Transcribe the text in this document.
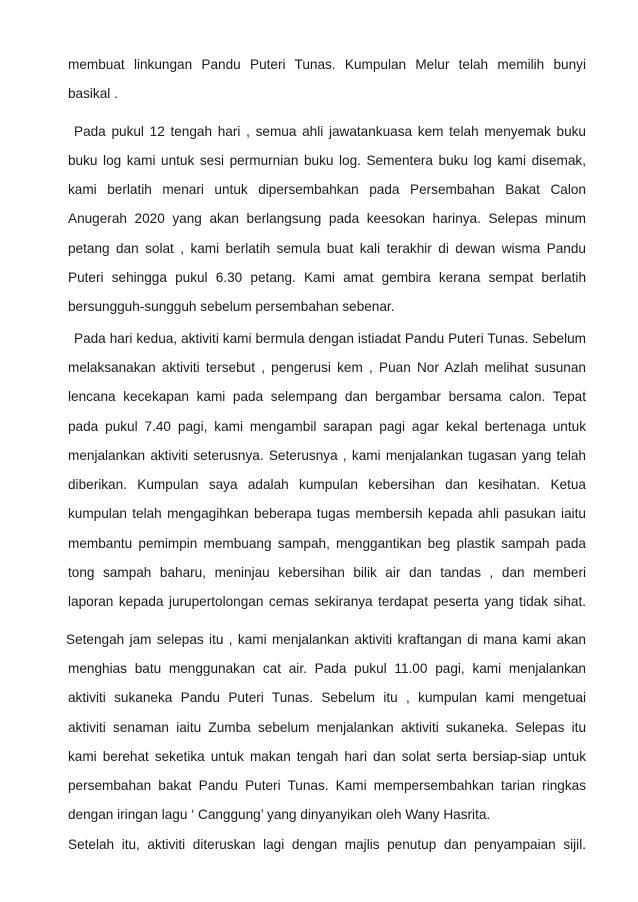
membuat linkungan Pandu Puteri Tunas. Kumpulan Melur telah memilih bunyi
basikal .
Pada pukul 12 tengah hari , semua ahli jawatankuasa kem telah menyemak buku
buku log kami untuk sesi permurnian buku log. Sementera buku log kami disemak,
kami berlatih menari untuk dipersembahkan pada Persembahan Bakat Calon
Anugerah 2020 yang akan berlangsung pada keesokan harinya. Selepas minum
petang dan solat , kami berlatih semula buat kali terakhir di dewan wisma Pandu
Puteri sehingga pukul 6.30 petang. Kami amat gembira kerana sempat berlatih
bersungguh-sungguh sebelum persembahan sebenar.
Pada hari kedua, aktiviti kami bermula dengan istiadat Pandu Puteri Tunas. Sebelum
melaksanakan aktiviti tersebut , pengerusi kem , Puan Nor Azlah melihat susunan
lencana kecekapan kami pada selempang dan bergambar bersama calon. Tepat
pada pukul 7.40 pagi, kami mengambil sarapan pagi agar kekal bertenaga untuk
menjalankan aktiviti seterusnya. Seterusnya , kami menjalankan tugasan yang telah
diberikan. Kumpulan saya adalah kumpulan kebersihan dan kesihatan. Ketua
kumpulan telah mengagihkan beberapa tugas membersih kepada ahli pasukan iaitu
membantu pemimpin membuang sampah, menggantikan beg plastik sampah pada
tong sampah baharu, meninjau kebersihan bilik air dan tandas , dan memberi
laporan kepada jurupertolongan cemas sekiranya terdapat peserta yang tidak sihat.
Setengah jam selepas itu , kami menjalankan aktiviti kraftangan di mana kami akan
menghias batu menggunakan cat air. Pada pukul 11.00 pagi, kami menjalankan
aktiviti sukaneka Pandu Puteri Tunas. Sebelum itu , kumpulan kami mengetuai
aktiviti senaman iaitu Zumba sebelum menjalankan aktiviti sukaneka. Selepas itu
kami berehat seketika untuk makan tengah hari dan solat serta bersiap-siap untuk
persembahan bakat Pandu Puteri Tunas. Kami mempersembahkan tarian ringkas
dengan iringan lagu ‘ Canggung’ yang dinyanyikan oleh Wany Hasrita.
Setelah itu, aktiviti diteruskan lagi dengan majlis penutup dan penyampaian sijil.
